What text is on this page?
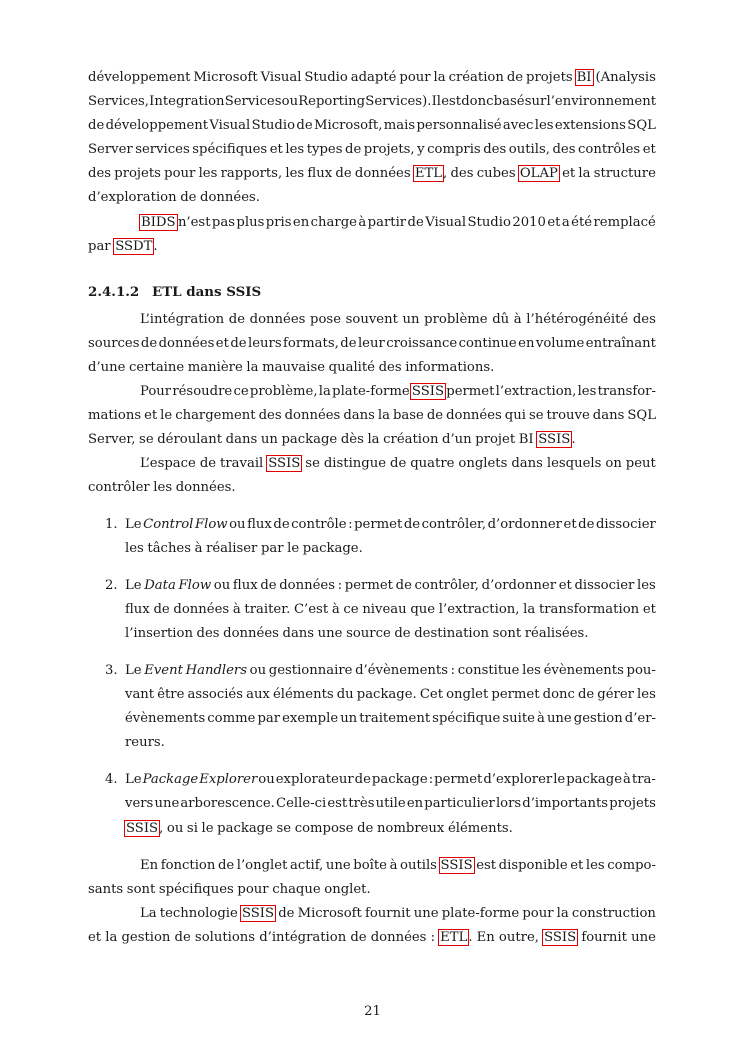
développement Microsoft Visual Studio adapté pour la création de projets BI (Analysis
Services, Integration Services ou Reporting Services). Il est donc basé sur l’environnement
de développement Visual Studio de Microsoft, mais personnalisé avec les extensions SQL
Server services spécifiques et les types de projets, y compris des outils, des contrôles et
des projets pour les rapports, les flux de données ETL, des cubes OLAP et la structure
d’exploration de données.
BIDS n’est pas plus pris en charge à partir de Visual Studio 2010 et a été remplacé
par SSDT.
2.4.1.2 ETL dans SSIS
L’intégration de données pose souvent un problème dû à l’hétérogénéité des
sources de données et de leurs formats, de leur croissance continue en volume entraînant
d’une certaine manière la mauvaise qualité des informations.
Pour résoudre ce problème, la plate-forme SSIS permet l’extraction, les transfor-
mations et le chargement des données dans la base de données qui se trouve dans SQL
Server, se déroulant dans un package dès la création d’un projet BI SSIS.
L’espace de travail SSIS se distingue de quatre onglets dans lesquels on peut
contrôler les données.
1. Le Control Flow ou flux de contrôle : permet de contrôler, d’ordonner et de dissocier
les tâches à réaliser par le package.
2. Le Data Flow ou flux de données : permet de contrôler, d’ordonner et dissocier les
flux de données à traiter. C’est à ce niveau que l’extraction, la transformation et
l’insertion des données dans une source de destination sont réalisées.
3. Le Event Handlers ou gestionnaire d’évènements : constitue les évènements pou-
vant être associés aux éléments du package. Cet onglet permet donc de gérer les
évènements comme par exemple un traitement spécifique suite à une gestion d’er-
reurs.
4. Le Package Explorer ou explorateur de package : permet d’explorer le package à tra-
vers une arborescence. Celle-ci est très utile en particulier lors d’importants projets
SSIS, ou si le package se compose de nombreux éléments.
En fonction de l’onglet actif, une boîte à outils SSIS est disponible et les compo-
sants sont spécifiques pour chaque onglet.
La technologie SSIS de Microsoft fournit une plate-forme pour la construction
et la gestion de solutions d’intégration de données : ETL. En outre, SSIS fournit une
21
